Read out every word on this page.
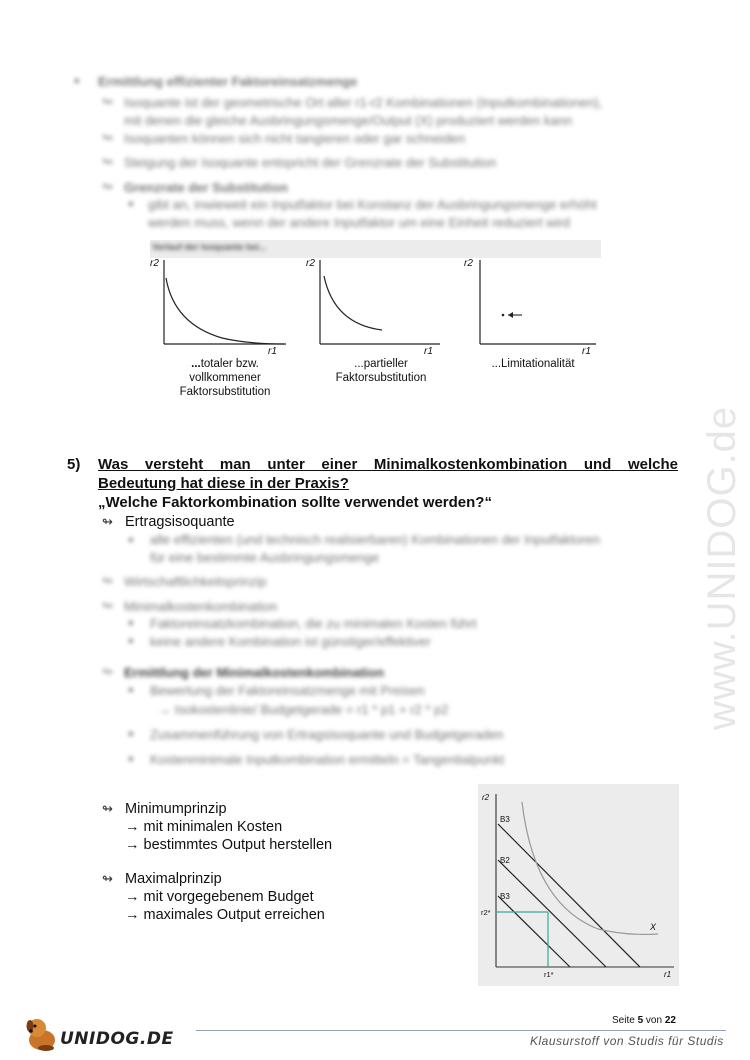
www.UNIDOG.de
• Ermittlung effizienter Faktoreinsatzmenge
↬ Isoquante ist der geometrische Ort aller r1-r2 Kombinationen (Inputkombinationen),
mit denen die gleiche Ausbringungsmenge/Output (X) produziert werden kann
↬ Isoquanten können sich nicht tangieren oder gar schneiden
↬ Steigung der Isoquante entspricht der Grenzrate der Substitution
↬ Grenzrate der Substitution
• gibt an, inwieweit ein Inputfaktor bei Konstanz der Ausbringungsmenge erhöht
werden muss, wenn der andere Inputfaktor um eine Einheit reduziert wird
Verlauf der Isoquante bei...
r2
r1
r2
r1
r2
r1
...totaler bzw. vollkommener Faktorsubstitution
...partieller Faktorsubstitution
...Limitationalität
5) Was versteht man unter einer Minimalkostenkombination und welche
Bedeutung hat diese in der Praxis?
„Welche Faktorkombination sollte verwendet werden?“
↬ Ertragsisoquante
• alle effizienten (und technisch realisierbaren) Kombinationen der Inputfaktoren
für eine bestimmte Ausbringungsmenge
↬ Wirtschaftlichkeitsprinzip
↬ Minimalkostenkombination
• Faktoreinsatzkombination, die zu minimalen Kosten führt
• keine andere Kombination ist günstiger/effektiver
↬ Ermittlung der Minimalkostenkombination
• Bewertung der Faktoreinsatzmenge mit Preisen
→ Isokostenlinie/ Budgetgerade = r1 * p1 + r2 * p2
• Zusammenführung von Ertragsisoquante und Budgetgeraden
• Kostenminimale Inputkombination ermitteln = Tangentialpunkt
↬ Minimumprinzip
→ mit minimalen Kosten
→ bestimmtes Output herstellen
↬ Maximalprinzip
→ mit vorgegebenem Budget
→ maximales Output erreichen
r2
r1
B3
B2
B3
X
r2*
r1*
Seite 5 von 22
UNIDOG.DE	Klausurstoff von Studis für Studis
